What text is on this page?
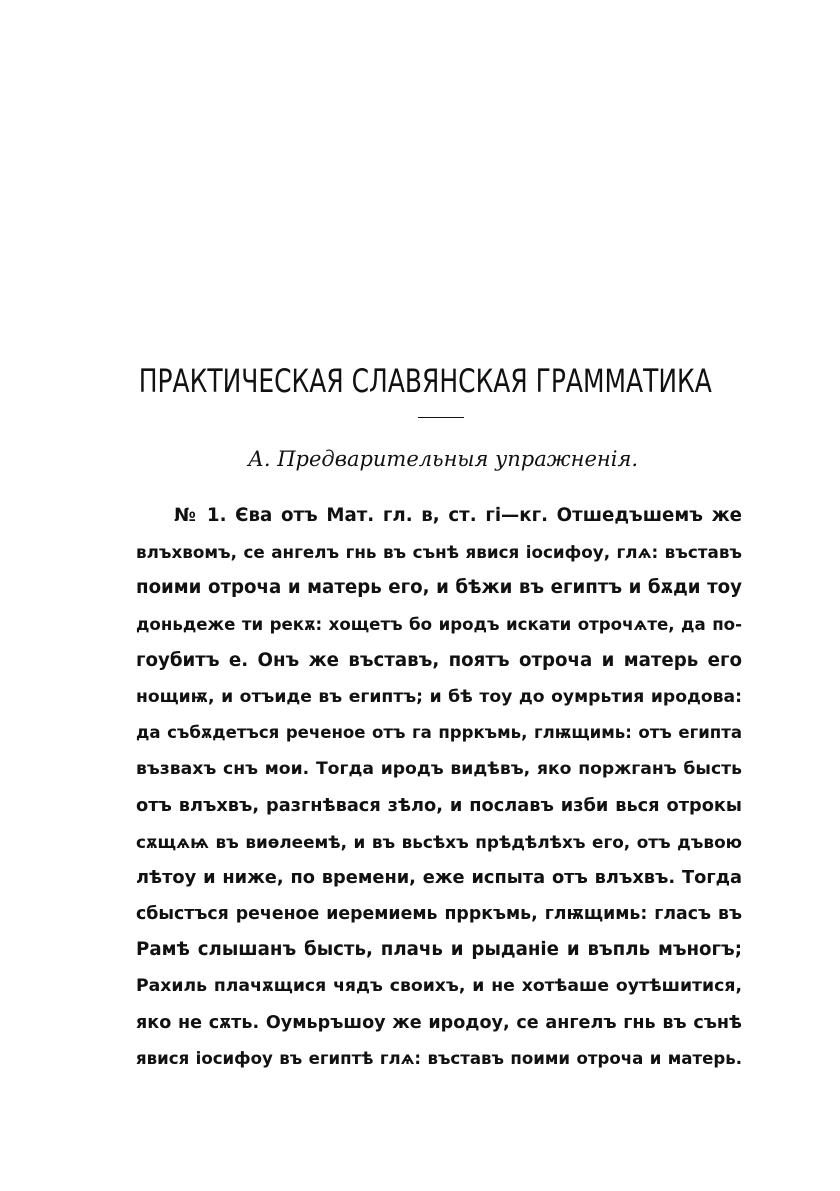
ПРАКТИЧЕСКАЯ СЛАВЯНСКАЯ ГРАММАТИКА
А. Предварительныя упражненія.
№ 1. Єва отъ Мат. гл. в, ст. гі—кг. Отшедъшемъ же
влъхвомъ, се ангелъ гнь въ сънѣ явися іосифоу, глѧ: въставъ
поими отроча и матерь его, и бѣжи въ египтъ и бѫди тоу
доньдеже ти рекѫ: хощетъ бо иродъ искати отрочѧте, да по-
гоубитъ е. Онъ же въставъ, поятъ отроча и матерь его
нощиѭ, и отъиде въ египтъ; и бѣ тоу до оумрьтия иродова:
да събѫдетъся реченое отъ га прркъмь, глѭщимь: отъ египта
възвахъ снъ мои. Тогда иродъ видѣвъ, яко поржганъ бысть
отъ влъхвъ, разгнѣвася зѣло, и пославъ изби вься отрокы
сѫщѧѩ въ виѳлеемѣ, и въ вьсѣхъ прѣдѣлѣхъ его, отъ дъвою
лѣтоу и ниже, по времени, еже испыта отъ влъхвъ. Тогда
сбыстъся реченое иеремиемь прркъмь, глѭщимь: гласъ въ
Рамѣ слышанъ бысть, плачь и рыданіе и въпль мъногъ;
Рахиль плачѫщися чядъ своихъ, и не хотѣаше оутѣшитися,
яко не сѫть. Оумьръшоу же иродоу, се ангелъ гнь въ сънѣ
явися іосифоу въ египтѣ глѧ: въставъ поими отроча и матерь.
